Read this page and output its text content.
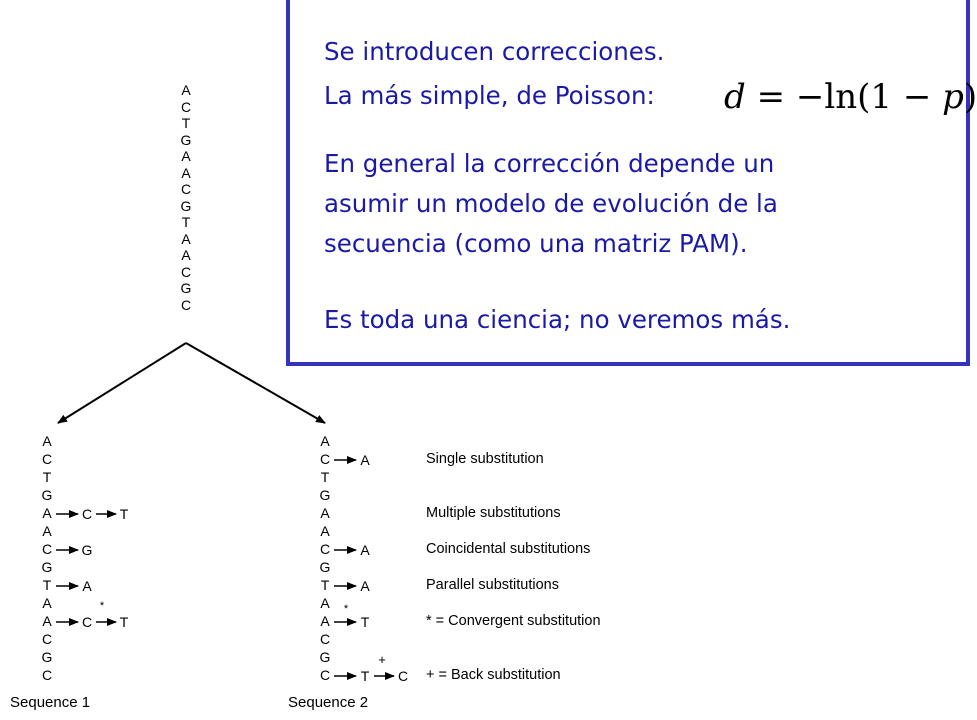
A
C
T
G
A
A
C
G
T
A
A
C
G
C
A
C
T
G
A
A
C
G
T
A
A
C
G
C
C T
G
A
C
*
T
Sequence 1
A
C
T
G
A
A
C
G
T
A
A
C
G
C
A
A
A
*
T
T
+
C
Sequence 2
Single substitution
Multiple substitutions
Coincidental substitutions
Parallel substitutions
* = Convergent substitution
+ = Back substitution
Se introducen correcciones.
La más simple, de Poisson:
En general la corrección depende un
asumir un modelo de evolución de la
secuencia (como una matriz PAM).
Es toda una ciencia; no veremos más.
d = −ln(1 − p)
